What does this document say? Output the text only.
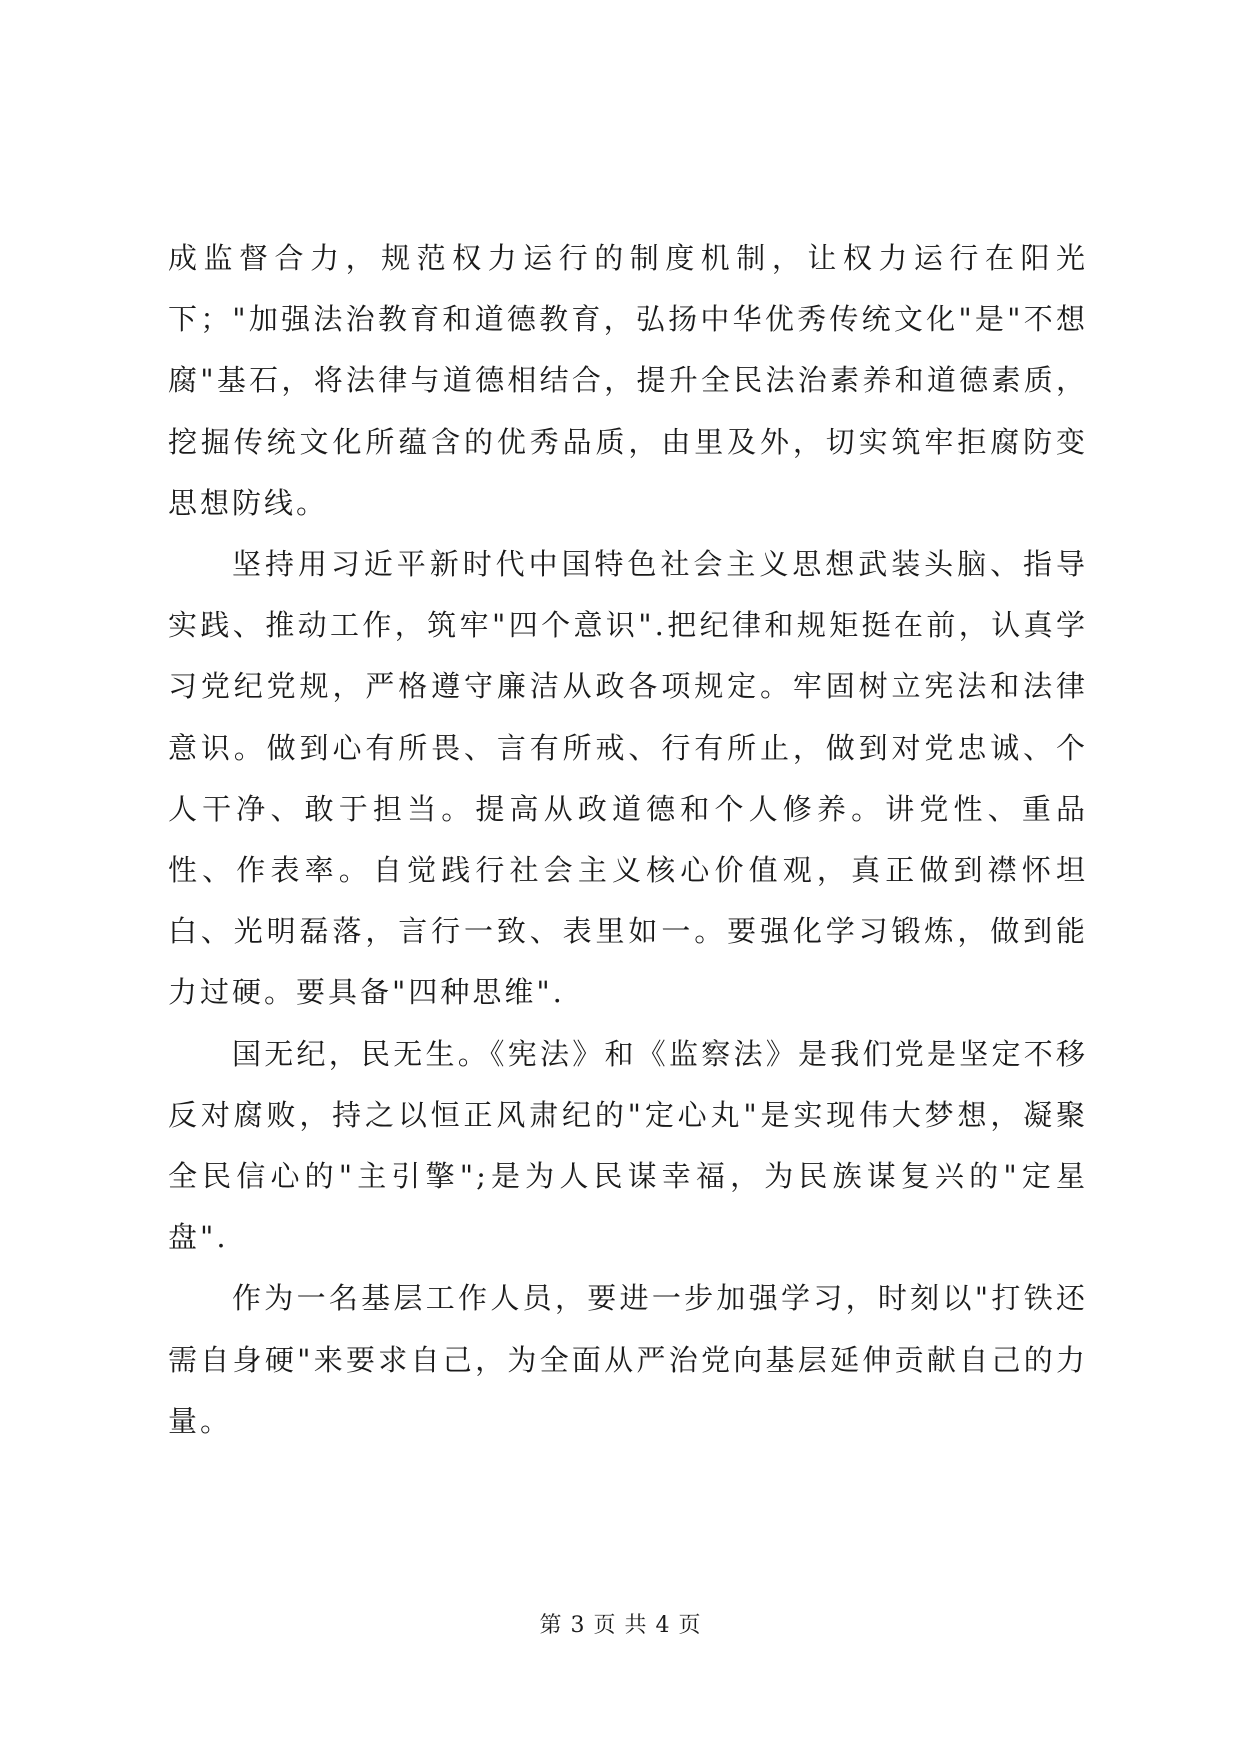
成监督合力，规范权力运行的制度机制，让权力运行在阳光下；"加强法治教育和道德教育，弘扬中华优秀传统文化"是"不想腐"基石，将法律与道德相结合，提升全民法治素养和道德素质，挖掘传统文化所蕴含的优秀品质，由里及外，切实筑牢拒腐防变思想防线。

坚持用习近平新时代中国特色社会主义思想武装头脑、指导实践、推动工作，筑牢"四个意识".把纪律和规矩挺在前，认真学习党纪党规，严格遵守廉洁从政各项规定。牢固树立宪法和法律意识。做到心有所畏、言有所戒、行有所止，做到对党忠诚、个人干净、敢于担当。提高从政道德和个人修养。讲党性、重品性、作表率。自觉践行社会主义核心价值观，真正做到襟怀坦白、光明磊落，言行一致、表里如一。要强化学习锻炼，做到能力过硬。要具备"四种思维".

国无纪，民无生。《宪法》和《监察法》是我们党是坚定不移反对腐败，持之以恒正风肃纪的"定心丸"是实现伟大梦想，凝聚全民信心的"主引擎";是为人民谋幸福，为民族谋复兴的"定星盘".

作为一名基层工作人员，要进一步加强学习，时刻以"打铁还需自身硬"来要求自己，为全面从严治党向基层延伸贡献自己的力量。

第 3 页 共 4 页
